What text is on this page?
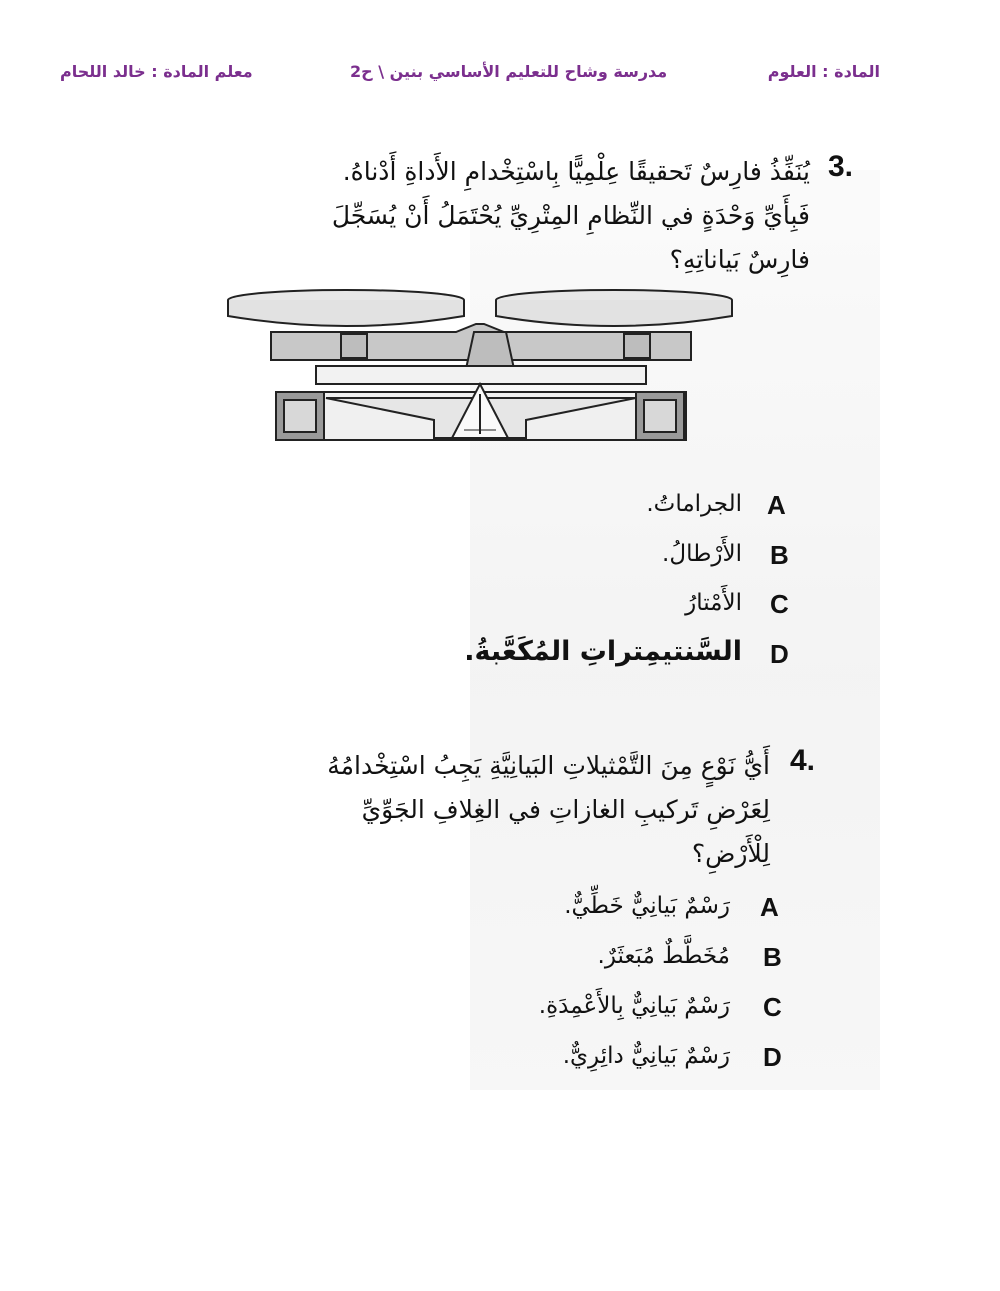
المادة : العلوم
مدرسة وشاح للتعليم الأساسي بنين \ ح2
معلم المادة : خالد اللحام
3.
يُنَفِّذُ فارِسٌ تَحقيقًا عِلْمِيًّا بِاسْتِخْدامِ الأَداةِ أَدْناهُ.
فَبِأَيِّ وَحْدَةٍ في النِّظامِ المِتْرِيِّ يُحْتَمَلُ أَنْ يُسَجِّلَ
فارِسٌ بَياناتِهِ؟
A
الجراماتُ.
B
الأَرْطالُ.
C
الأَمْتارُ
D
السَّنتيمِتراتِ المُكَعَّبةُ.
4.
أَيُّ نَوْعٍ مِنَ التَّمْثيلاتِ البَيانِيَّةِ يَجِبُ اسْتِخْدامُهُ
لِعَرْضِ تَركيبِ الغازاتِ في الغِلافِ الجَوِّيِّ
لِلْأَرْضِ؟
A
رَسْمٌ بَيانِيٌّ خَطِّيٌّ.
B
مُخَطَّطٌ مُبَعثَرٌ.
C
رَسْمٌ بَيانِيٌّ بِالأَعْمِدَةِ.
D
رَسْمٌ بَيانِيٌّ دائِرِيٌّ.
